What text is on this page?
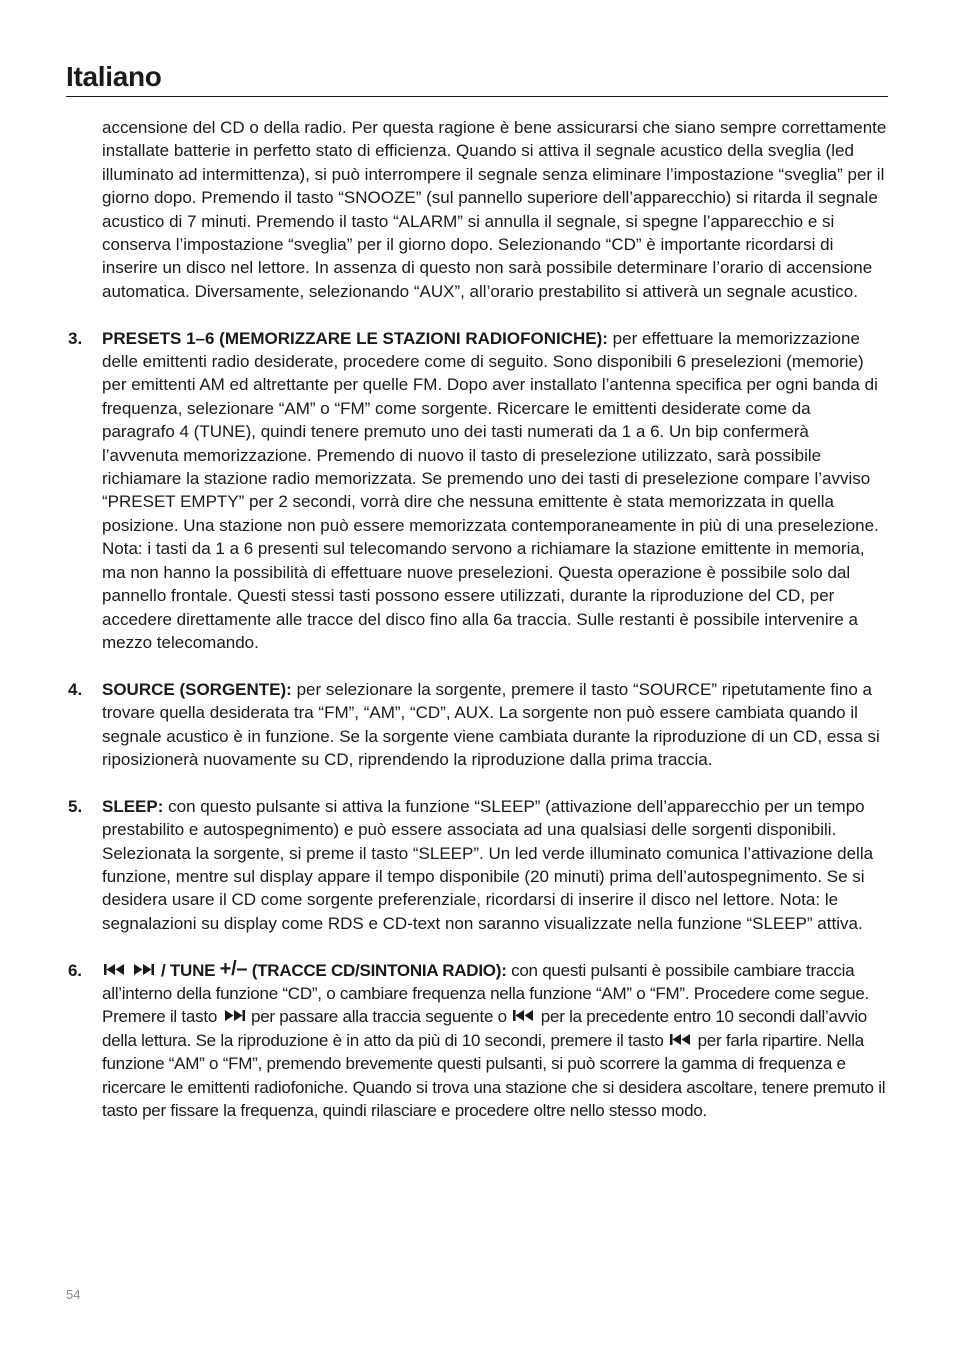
Italiano

accensione del CD o della radio. Per questa ragione è bene assicurarsi che siano sempre correttamente installate batterie in perfetto stato di efficienza. Quando si attiva il segnale acustico della sveglia (led illuminato ad intermittenza), si può interrompere il segnale senza eliminare l’impostazione “sveglia” per il giorno dopo. Premendo il tasto “SNOOZE” (sul pannello superiore dell’apparecchio) si ritarda il segnale acustico di 7 minuti. Premendo il tasto “ALARM” si annulla il segnale, si spegne l’apparecchio e si conserva l’impostazione “sveglia” per il giorno dopo. Selezionando “CD” è importante ricordarsi di inserire un disco nel lettore. In assenza di questo non sarà possibile determinare l’orario di accensione automatica. Diversamente, selezionando “AUX”, all’orario prestabilito si attiverà un segnale acustico.

3. PRESETS 1–6 (MEMORIZZARE LE STAZIONI RADIOFONICHE): per effettuare la memorizzazione delle emittenti radio desiderate, procedere come di seguito. Sono disponibili 6 preselezioni (memorie) per emittenti AM ed altrettante per quelle FM. Dopo aver installato l’antenna specifica per ogni banda di frequenza, selezionare “AM” o “FM” come sorgente. Ricercare le emittenti desiderate come da paragrafo 4 (TUNE), quindi tenere premuto uno dei tasti numerati da 1 a 6. Un bip confermerà l’avvenuta memorizzazione. Premendo di nuovo il tasto di preselezione utilizzato, sarà possibile richiamare la stazione radio memorizzata. Se premendo uno dei tasti di preselezione compare l’avviso “PRESET EMPTY” per 2 secondi, vorrà dire che nessuna emittente è stata memorizzata in quella posizione. Una stazione non può essere memorizzata contemporaneamente in più di una preselezione. Nota: i tasti da 1 a 6 presenti sul telecomando servono a richiamare la stazione emittente in memoria, ma non hanno la possibilità di effettuare nuove preselezioni. Questa operazione è possibile solo dal pannello frontale. Questi stessi tasti possono essere utilizzati, durante la riproduzione del CD, per accedere direttamente alle tracce del disco fino alla 6a traccia. Sulle restanti è possibile intervenire a mezzo telecomando.
4. SOURCE (SORGENTE): per selezionare la sorgente, premere il tasto “SOURCE” ripetutamente fino a trovare quella desiderata tra “FM”, “AM”, “CD”, AUX. La sorgente non può essere cambiata quando il segnale acustico è in funzione. Se la sorgente viene cambiata durante la riproduzione di un CD, essa si riposizionerà nuovamente su CD, riprendendo la riproduzione dalla prima traccia.
5. SLEEP: con questo pulsante si attiva la funzione “SLEEP” (attivazione dell’apparecchio per un tempo prestabilito e autospegnimento) e può essere associata ad una qualsiasi delle sorgenti disponibili. Selezionata la sorgente, si preme il tasto “SLEEP”. Un led verde illuminato comunica l’attivazione della funzione, mentre sul display appare il tempo disponibile (20 minuti) prima dell’autospegnimento. Se si desidera usare il CD come sorgente preferenziale, ricordarsi di inserire il disco nel lettore. Nota: le segnalazioni su display come RDS e CD-text non saranno visualizzate nella funzione “SLEEP” attiva.
6.
	/ TUNE +/– (TRACCE CD/SINTONIA RADIO): con questi pulsanti è possibile cambiare traccia all’interno della funzione “CD”, o cambiare frequenza nella funzione “AM” o “FM”. Procedere come segue. Premere il tasto
per passare alla traccia seguente o
per la precedente entro 10 secondi dall’avvio della lettura. Se la riproduzione è in atto da più di 10 secondi, premere il tasto
per farla ripartire. Nella funzione “AM” o “FM”, premendo brevemente questi pulsanti, si può scorrere la gamma di frequenza e ricercare le emittenti radiofoniche. Quando si trova una stazione che si desidera ascoltare, tenere premuto il tasto per fissare la frequenza, quindi rilasciare e procedere oltre nello stesso modo.
54
